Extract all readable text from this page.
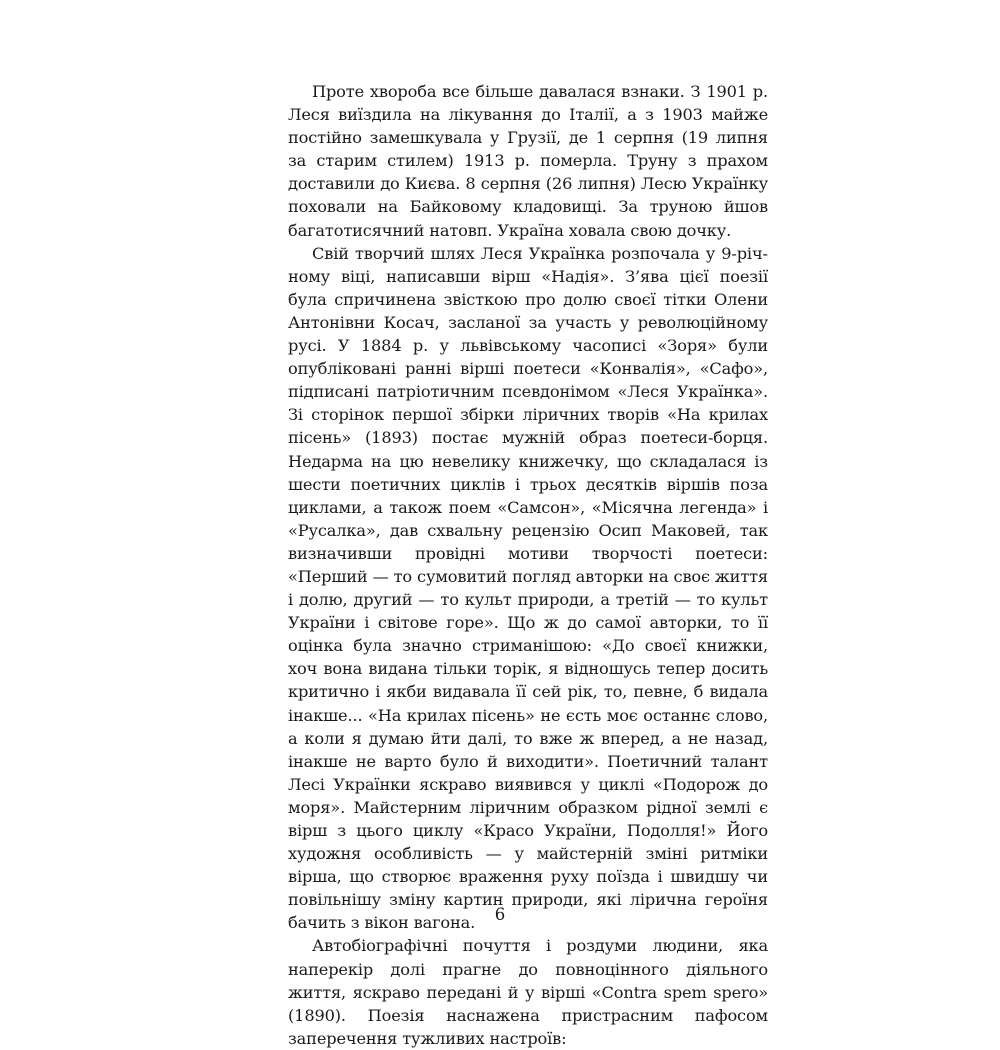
Проте хвороба все більше давалася взнаки. З 1901 р. Леся виїздила на лікування до Італії, а з 1903 майже постійно замешкувала у Грузії, де 1 серпня (19 липня за старим стилем) 1913 р. померла. Труну з прахом доставили до Києва. 8 серпня (26 липня) Лесю Українку поховали на Байковому кладовищі. За труною йшов багатотисячний натовп. Україна ховала свою дочку.

Свій творчий шлях Леся Українка розпочала у 9-річному віці, написавши вірш «Надія». З’ява цієї поезії була спричинена звісткою про долю своєї тітки Олени Антонівни Косач, засланої за участь у революційному русі. У 1884 р. у львівському часописі «Зоря» були опубліковані ранні вірші поетеси «Конвалія», «Сафо», підписані патріотичним псевдонімом «Леся Українка». Зі сторінок першої збірки ліричних творів «На крилах пісень» (1893) постає мужній образ поетеси-борця. Недарма на цю невелику книжечку, що складалася із шести поетичних циклів і трьох десятків віршів поза циклами, а також поем «Самсон», «Місячна легенда» і «Русалка», дав схвальну рецензію Осип Маковей, так визначивши провідні мотиви творчості поетеси: «Перший — то сумовитий погляд авторки на своє життя і долю, другий — то культ природи, а третій — то культ України і світове горе». Що ж до самої авторки, то її оцінка була значно стриманішою: «До своєї книжки, хоч вона видана тільки торік, я відношусь тепер досить критично і якби видавала її сей рік, то, певне, б видала інакше... «На крилах пісень» не єсть моє останнє слово, а коли я думаю йти далі, то вже ж вперед, а не назад, інакше не варто було й виходити». Поетичний талант Лесі Українки яскраво виявився у циклі «Подорож до моря». Майстерним ліричним образком рідної землі є вірш з цього циклу «Красо України, Подолля!» Його художня особливість — у майстерній зміні ритміки вірша, що створює враження руху поїзда і швидшу чи повільнішу зміну картин природи, які лірична героїня бачить з вікон вагона.

Автобіографічні почуття і роздуми людини, яка наперекір долі прагне до повноцінного діяльного життя, яскраво передані й у вірші «Contra spem spero» (1890). Поезія наснажена пристрасним пафосом заперечення тужливих настроїв:

6
